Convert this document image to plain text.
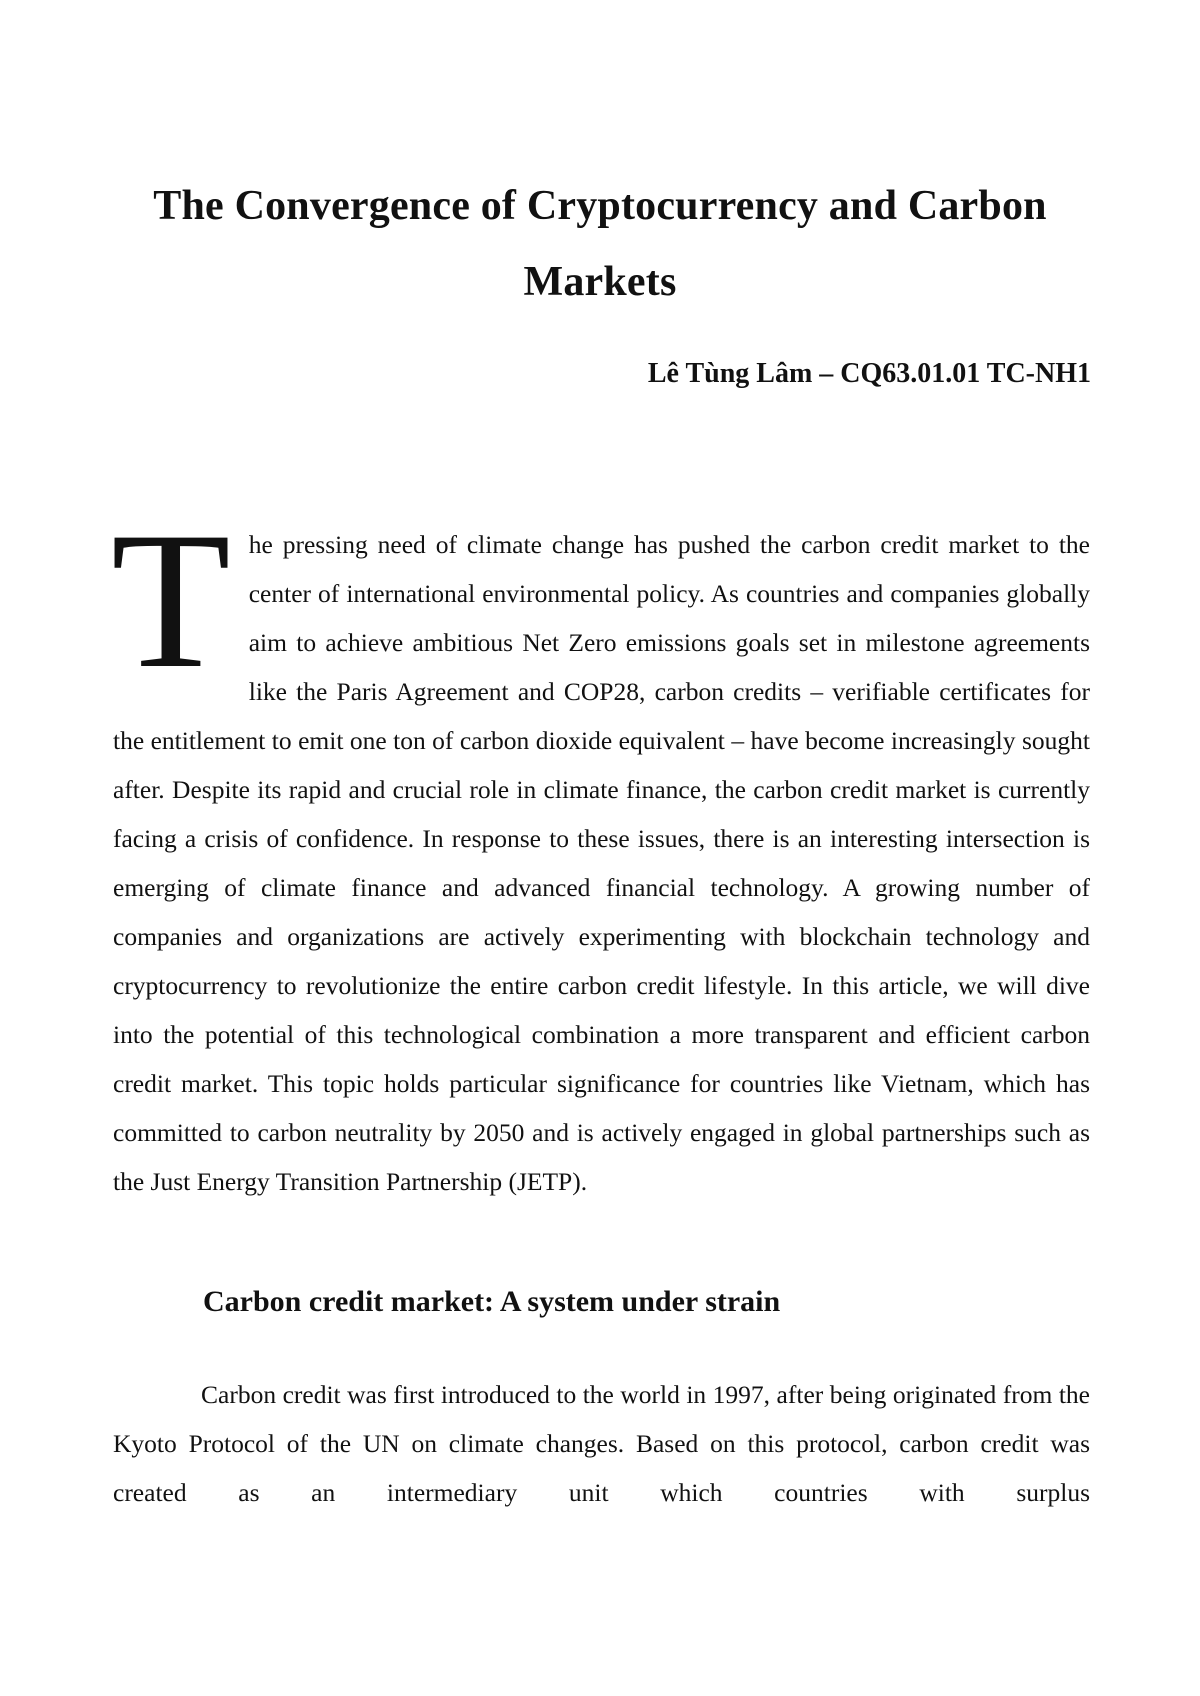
The Convergence of Cryptocurrency and Carbon Markets

Lê Tùng Lâm – CQ63.01.01 TC-NH1

The pressing need of climate change has pushed the carbon credit market to the center of international environmental policy. As countries and companies globally aim to achieve ambitious Net Zero emissions goals set in milestone agreements like the Paris Agreement and COP28, carbon credits – verifiable certificates for the entitlement to emit one ton of carbon dioxide equivalent – have become increasingly sought after. Despite its rapid and crucial role in climate finance, the carbon credit market is currently facing a crisis of confidence. In response to these issues, there is an interesting intersection is emerging of climate finance and advanced financial technology. A growing number of companies and organizations are actively experimenting with blockchain technology and cryptocurrency to revolutionize the entire carbon credit lifestyle. In this article, we will dive into the potential of this technological combination a more transparent and efficient carbon credit market. This topic holds particular significance for countries like Vietnam, which has committed to carbon neutrality by 2050 and is actively engaged in global partnerships such as the Just Energy Transition Partnership (JETP).

Carbon credit market: A system under strain

Carbon credit was first introduced to the world in 1997, after being originated from the Kyoto Protocol of the UN on climate changes. Based on this protocol, carbon credit was created as an intermediary unit which countries with surplus
